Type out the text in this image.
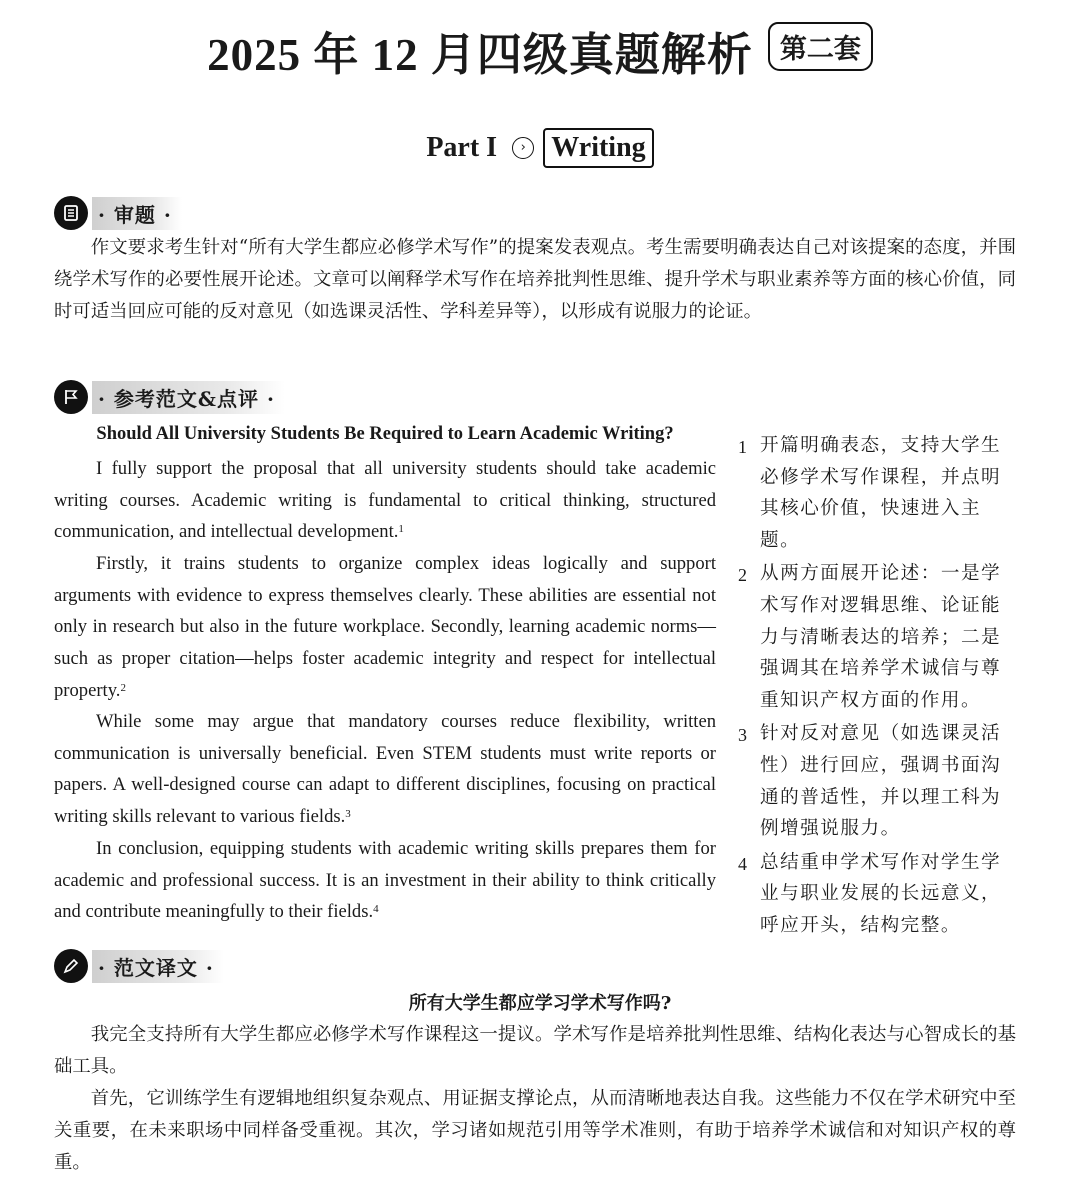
2025 年 12 月四级真题解析 第二套
Part I › Writing
· 审题 ·

作文要求考生针对“所有大学生都应必修学术写作”的提案发表观点。考生需要明确表达自己对该提案的态度，并围绕学术写作的必要性展开论述。文章可以阐释学术写作在培养批判性思维、提升学术与职业素养等方面的核心价值，同时可适当回应可能的反对意见（如选课灵活性、学科差异等），以形成有说服力的论证。

· 参考范文&点评 ·
Should All University Students Be Required to Learn Academic Writing?

I fully support the proposal that all university students should take academic writing courses. Academic writing is fundamental to critical thinking, structured communication, and intellectual development.$^1$

Firstly, it trains students to organize complex ideas logically and support arguments with evidence to express themselves clearly. These abilities are essential not only in research but also in the future workplace. Secondly, learning academic norms—such as proper citation—helps foster academic integrity and respect for intellectual property.$^2$

While some may argue that mandatory courses reduce flexibility, written communication is universally beneficial. Even STEM students must write reports or papers. A well-designed course can adapt to different disciplines, focusing on practical writing skills relevant to various fields.$^3$

In conclusion, equipping students with academic writing skills prepares them for academic and professional success. It is an investment in their ability to think critically and contribute meaningfully to their fields.$^4$

1 开篇明确表态，支持大学生必修学术写作课程，并点明其核心价值，快速进入主题。
2 从两方面展开论述：一是学术写作对逻辑思维、论证能力与清晰表达的培养；二是强调其在培养学术诚信与尊重知识产权方面的作用。
3 针对反对意见（如选课灵活性）进行回应，强调书面沟通的普适性，并以理工科为例增强说服力。
4 总结重申学术写作对学生学业与职业发展的长远意义，呼应开头，结构完整。
· 范文译文 ·
所有大学生都应学习学术写作吗?

我完全支持所有大学生都应必修学术写作课程这一提议。学术写作是培养批判性思维、结构化表达与心智成长的基础工具。

首先，它训练学生有逻辑地组织复杂观点、用证据支撑论点，从而清晰地表达自我。这些能力不仅在学术研究中至关重要，在未来职场中同样备受重视。其次，学习诸如规范引用等学术准则，有助于培养学术诚信和对知识产权的尊重。
